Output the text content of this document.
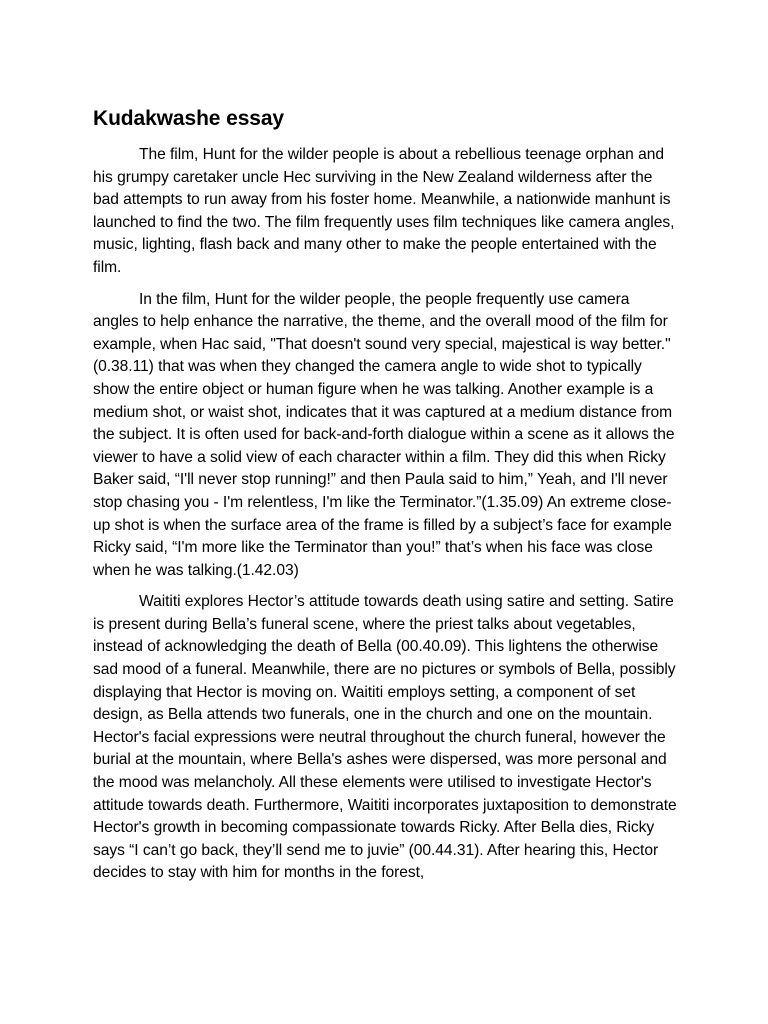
Kudakwashe essay

The film, Hunt for the wilder people is about a rebellious teenage orphan and his grumpy caretaker uncle Hec surviving in the New Zealand wilderness after the bad attempts to run away from his foster home. Meanwhile, a nationwide manhunt is launched to find the two. The film frequently uses film techniques like camera angles, music, lighting, flash back and many other to make the people entertained with the film.

In the film, Hunt for the wilder people, the people frequently use camera angles to help enhance the narrative, the theme, and the overall mood of the film for example, when Hac said, "That doesn't sound very special, majestical is way better."(0.38.11) that was when they changed the camera angle to wide shot to typically show the entire object or human figure when he was talking. Another example is a medium shot, or waist shot, indicates that it was captured at a medium distance from the subject. It is often used for back-and-forth dialogue within a scene as it allows the viewer to have a solid view of each character within a film. They did this when Ricky Baker said, “I'll never stop running!” and then Paula said to him,” Yeah, and I'll never stop chasing you - I'm relentless, I'm like the Terminator.”(1.35.09) An extreme close-up shot is when the surface area of the frame is filled by a subject’s face for example Ricky said, “I'm more like the Terminator than you!” that’s when his face was close when he was talking.(1.42.03)

Waititi explores Hector’s attitude towards death using satire and setting. Satire is present during Bella’s funeral scene, where the priest talks about vegetables, instead of acknowledging the death of Bella (00.40.09). This lightens the otherwise sad mood of a funeral. Meanwhile, there are no pictures or symbols of Bella, possibly displaying that Hector is moving on. Waititi employs setting, a component of set design, as Bella attends two funerals, one in the church and one on the mountain. Hector's facial expressions were neutral throughout the church funeral, however the burial at the mountain, where Bella's ashes were dispersed, was more personal and the mood was melancholy. All these elements were utilised to investigate Hector's attitude towards death. Furthermore, Waititi incorporates juxtaposition to demonstrate Hector's growth in becoming compassionate towards Ricky. After Bella dies, Ricky says “I can’t go back, they’ll send me to juvie” (00.44.31). After hearing this, Hector decides to stay with him for months in the forest,
